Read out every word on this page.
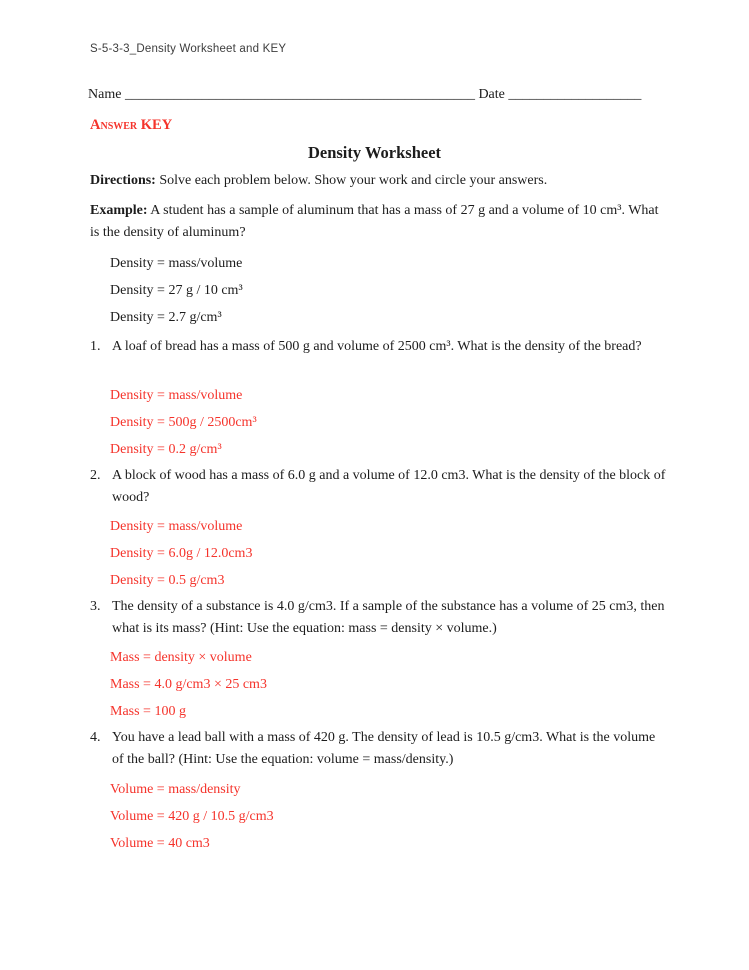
S-5-3-3_Density Worksheet and KEY
Name __________________________________________________ Date ___________________
Answer KEY
Density Worksheet
Directions: Solve each problem below. Show your work and circle your answers.
Example: A student has a sample of aluminum that has a mass of 27 g and a volume of 10 cm³. What is the density of aluminum?
Density = mass/volume
Density = 27 g / 10 cm³
Density = 2.7 g/cm³
1. A loaf of bread has a mass of 500 g and volume of 2500 cm³. What is the density of the bread?
Density = mass/volume
Density = 500g / 2500cm³
Density = 0.2 g/cm³
2. A block of wood has a mass of 6.0 g and a volume of 12.0 cm3. What is the density of the block of wood?
Density = mass/volume
Density = 6.0g / 12.0cm3
Density = 0.5 g/cm3
3. The density of a substance is 4.0 g/cm3. If a sample of the substance has a volume of 25 cm3, then what is its mass? (Hint: Use the equation: mass = density × volume.)
Mass = density × volume
Mass = 4.0 g/cm3 × 25 cm3
Mass = 100 g
4. You have a lead ball with a mass of 420 g. The density of lead is 10.5 g/cm3. What is the volume of the ball? (Hint: Use the equation: volume = mass/density.)
Volume = mass/density
Volume = 420 g / 10.5 g/cm3
Volume = 40 cm3
